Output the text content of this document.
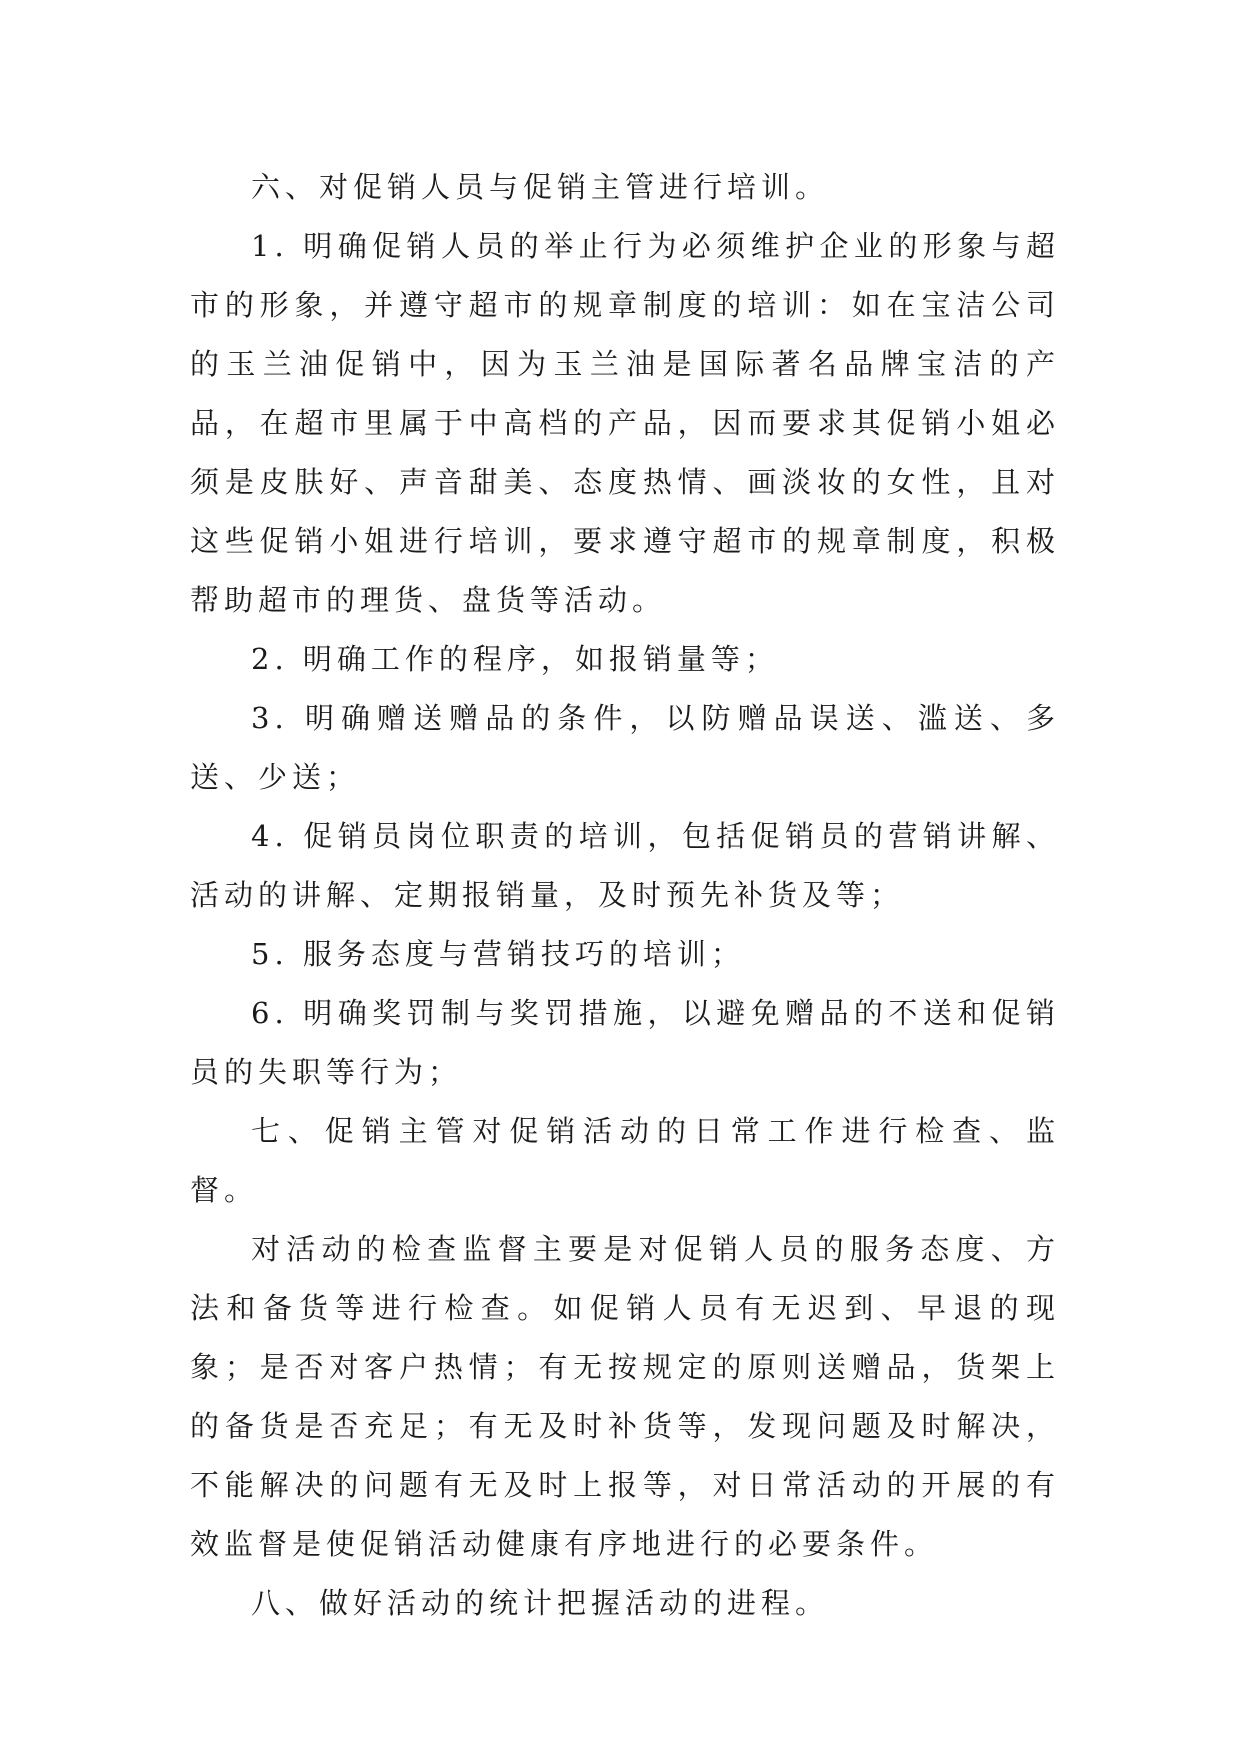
六、对促销人员与促销主管进行培训。

1. 明确促销人员的举止行为必须维护企业的形象与超市的形象，并遵守超市的规章制度的培训：如在宝洁公司的玉兰油促销中，因为玉兰油是国际著名品牌宝洁的产品，在超市里属于中高档的产品，因而要求其促销小姐必须是皮肤好、声音甜美、态度热情、画淡妆的女性，且对这些促销小姐进行培训，要求遵守超市的规章制度，积极帮助超市的理货、盘货等活动。

2. 明确工作的程序，如报销量等；

3. 明确赠送赠品的条件，以防赠品误送、滥送、多送、少送；

4. 促销员岗位职责的培训，包括促销员的营销讲解、活动的讲解、定期报销量，及时预先补货及等；

5. 服务态度与营销技巧的培训；

6. 明确奖罚制与奖罚措施，以避免赠品的不送和促销员的失职等行为；

七、促销主管对促销活动的日常工作进行检查、监督。

对活动的检查监督主要是对促销人员的服务态度、方法和备货等进行检查。如促销人员有无迟到、早退的现象；是否对客户热情；有无按规定的原则送赠品，货架上的备货是否充足；有无及时补货等，发现问题及时解决，不能解决的问题有无及时上报等，对日常活动的开展的有效监督是使促销活动健康有序地进行的必要条件。

八、做好活动的统计把握活动的进程。
